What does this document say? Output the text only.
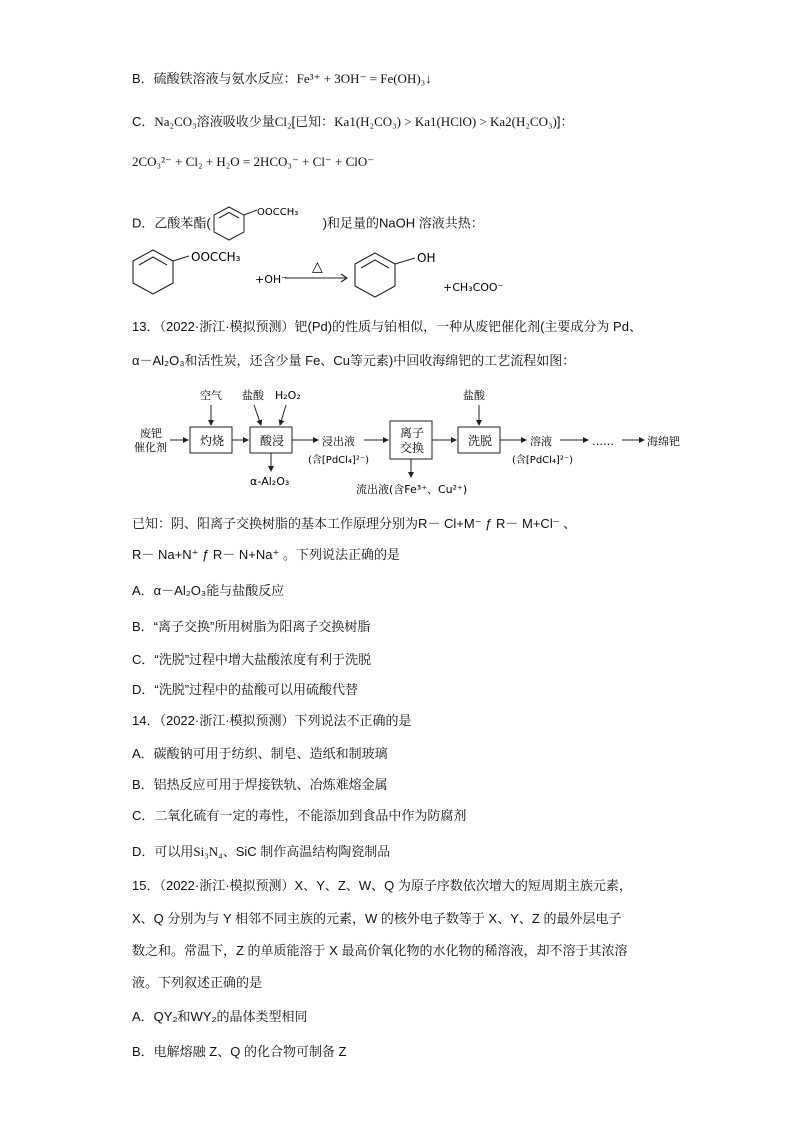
B．硫酸铁溶液与氨水反应：Fe³⁺ + 3OH⁻ = Fe(OH)₃↓
C．Na₂CO₃溶液吸收少量Cl₂[已知：Ka1(H₂CO₃) > Ka1(HClO) > Ka2(H₂CO₃)]：
2CO₃²⁻ + Cl₂ + H₂O = 2HCO₃⁻ + Cl⁻ + ClO⁻
D．乙酸苯酯(
OOCCH₃
)和足量的NaOH 溶液共热：
OOCCH₃
+OH⁻
△
OH
+CH₃COO⁻
13．（2022·浙江·模拟预测）钯(Pd)的性质与铂相似，一种从废钯催化剂(主要成分为 Pd、
α－Al₂O₃和活性炭，还含少量 Fe、Cu等元素)中回收海绵钯的工艺流程如图：
废钯
催化剂	灼烧
空气
酸浸
盐酸 H₂O₂
α-Al₂O₃
浸出液
(含[PdCl₄]²⁻)
离子
交换
流出液(含Fe³⁺、Cu²⁺)
洗脱
盐酸
溶液
(含[PdCl₄]²⁻)
……	海绵钯
已知：阴、阳离子交换树脂的基本工作原理分别为R－ Cl+M⁻ ƒ R－ M+Cl⁻ 、
R－ Na+N⁺ ƒ R－ N+Na⁺ 。下列说法正确的是
A．α－Al₂O₃能与盐酸反应
B．“离子交换”所用树脂为阳离子交换树脂
C．“洗脱”过程中增大盐酸浓度有利于洗脱
D．“洗脱”过程中的盐酸可以用硫酸代替
14．（2022·浙江·模拟预测）下列说法不正确的是
A．碳酸钠可用于纺织、制皂、造纸和制玻璃
B．铝热反应可用于焊接铁轨、冶炼难熔金属
C．二氧化硫有一定的毒性，不能添加到食品中作为防腐剂
D．可以用Si₃N₄、SiC 制作高温结构陶瓷制品
15．（2022·浙江·模拟预测）X、Y、Z、W、Q 为原子序数依次增大的短周期主族元素，
X、Q 分别为与 Y 相邻不同主族的元素，W 的核外电子数等于 X、Y、Z 的最外层电子
数之和。常温下，Z 的单质能溶于 X 最高价氧化物的水化物的稀溶液，却不溶于其浓溶
液。下列叙述正确的是
A．QY₂和WY₂的晶体类型相同
B．电解熔融 Z、Q 的化合物可制备 Z
